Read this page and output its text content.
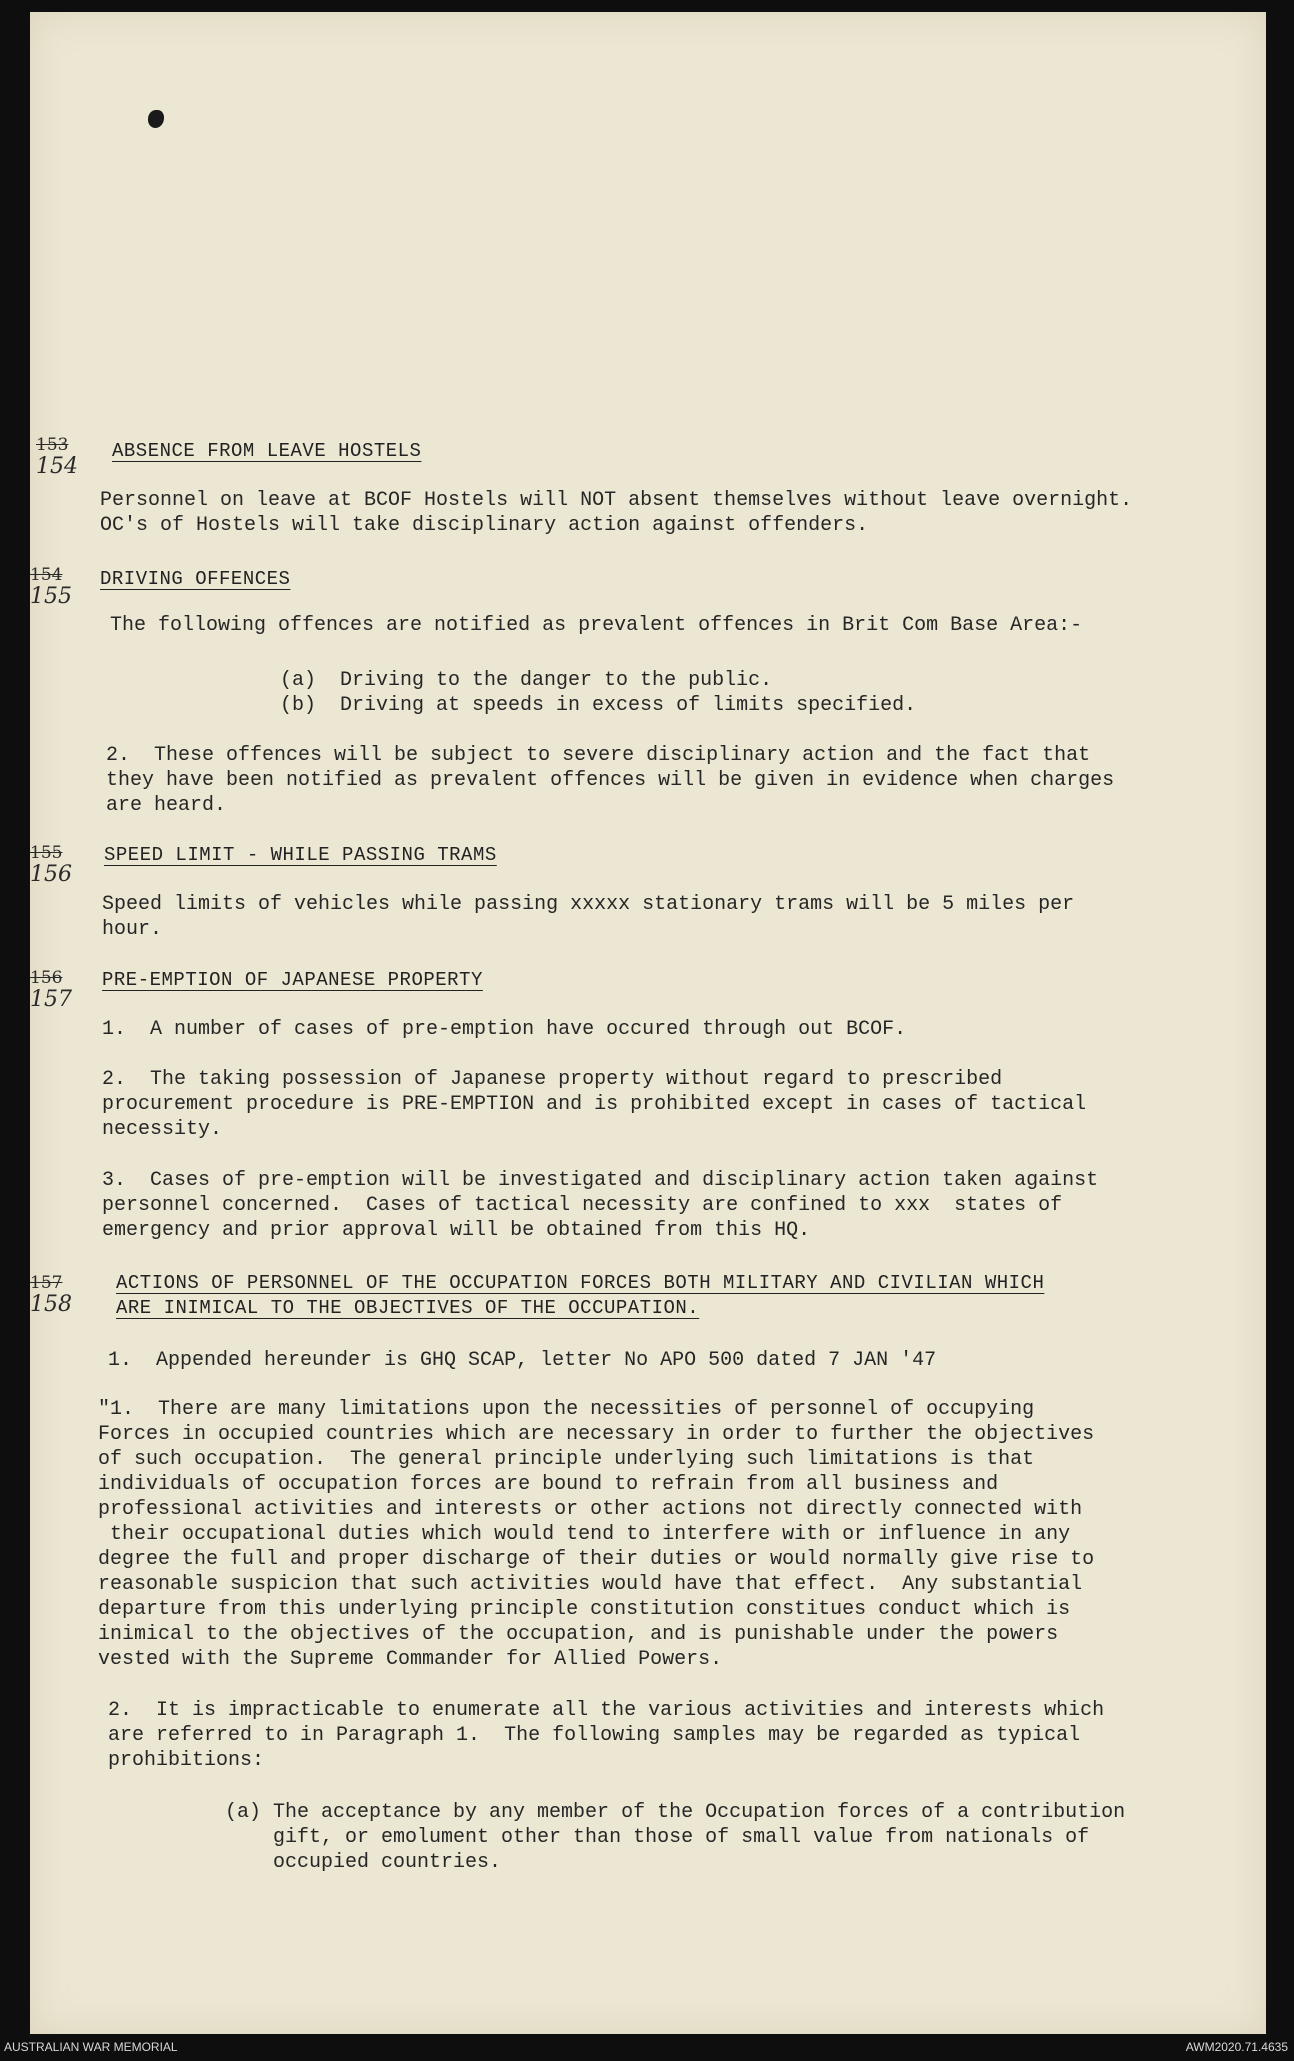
153
154
ABSENCE FROM LEAVE HOSTELS
Personnel on leave at BCOF Hostels will NOT absent themselves without leave overnight.
OC's of Hostels will take disciplinary action against offenders.
154
155
DRIVING OFFENCES
The following offences are notified as prevalent offences in Brit Com Base Area:-
(a)  Driving to the danger to the public.
(b)  Driving at speeds in excess of limits specified.
2.  These offences will be subject to severe disciplinary action and the fact that
they have been notified as prevalent offences will be given in evidence when charges
are heard.
155
156
SPEED LIMIT - WHILE PASSING TRAMS
Speed limits of vehicles while passing xxxxx stationary trams will be 5 miles per
hour.
156
157
PRE-EMPTION OF JAPANESE PROPERTY
1.  A number of cases of pre-emption have occured through out BCOF.
2.  The taking possession of Japanese property without regard to prescribed
procurement procedure is PRE-EMPTION and is prohibited except in cases of tactical
necessity.
3.  Cases of pre-emption will be investigated and disciplinary action taken against
personnel concerned.  Cases of tactical necessity are confined to xxx  states of
emergency and prior approval will be obtained from this HQ.
157
158
ACTIONS OF PERSONNEL OF THE OCCUPATION FORCES BOTH MILITARY AND CIVILIAN WHICH
ARE INIMICAL TO THE OBJECTIVES OF THE OCCUPATION.
1.  Appended hereunder is GHQ SCAP, letter No APO 500 dated 7 JAN '47
"1.  There are many limitations upon the necessities of personnel of occupying
Forces in occupied countries which are necessary in order to further the objectives
of such occupation.  The general principle underlying such limitations is that
individuals of occupation forces are bound to refrain from all business and
professional activities and interests or other actions not directly connected with
their occupational duties which would tend to interfere with or influence in any
degree the full and proper discharge of their duties or would normally give rise to
reasonable suspicion that such activities would have that effect.  Any substantial
departure from this underlying principle constitution constitues conduct which is
inimical to the objectives of the occupation, and is punishable under the powers
vested with the Supreme Commander for Allied Powers.
2.  It is impracticable to enumerate all the various activities and interests which
are referred to in Paragraph 1.  The following samples may be regarded as typical
prohibitions:
(a) The acceptance by any member of the Occupation forces of a contribution
gift, or emolument other than those of small value from nationals of
occupied countries.
AUSTRALIAN WAR MEMORIAL	AWM2020.71.4635
